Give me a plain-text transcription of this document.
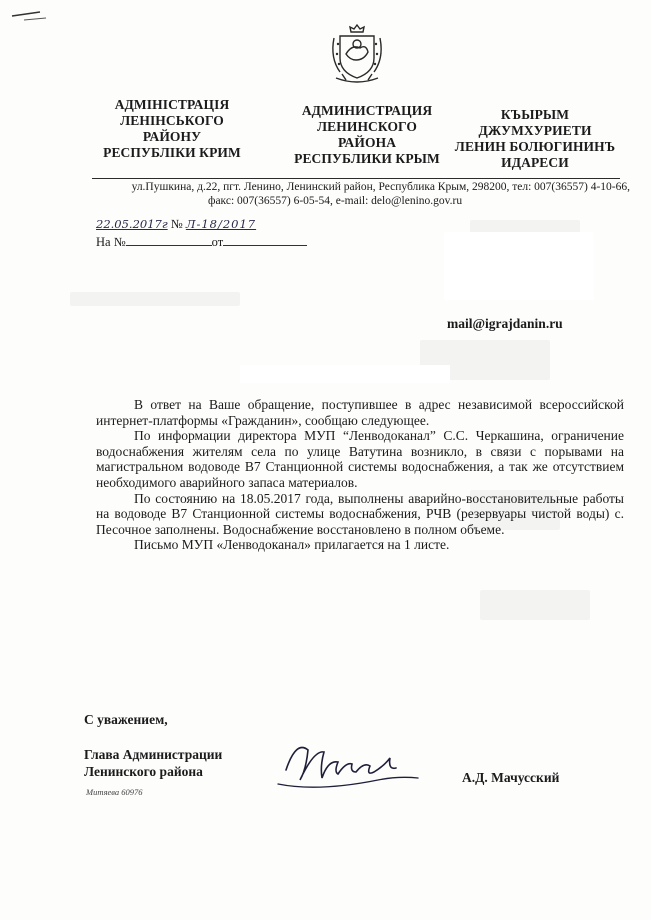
АДМІНІСТРАЦІЯ
ЛЕНІНСЬКОГО
РАЙОНУ
РЕСПУБЛІКИ КРИМ
АДМИНИСТРАЦИЯ
ЛЕНИНСКОГО
РАЙОНА
РЕСПУБЛИКИ КРЫМ
КЪЫРЫМ
ДЖУМХУРИЕТИ
ЛЕНИН БОЛЮГИНИНЪ
ИДАРЕСИ
ул.Пушкина, д.22, пгт. Ленино, Ленинский район, Республика Крым, 298200, тел: 007(36557) 4-10-66,
факс: 007(36557) 6-05-54, e-mail: delo@lenino.gov.ru
22.05.2017г № Л-18/2017
На №	от
mail@igrajdanin.ru

В ответ на Ваше обращение, поступившее в адрес независимой всероссийской интернет-платформы «Гражданин», сообщаю следующее.

По информации директора МУП “Ленводоканал” С.С. Черкашина, ограничение водоснабжения жителям села по улице Ватутина возникло, в связи с порывами на магистральном водоводе В7 Станционной системы водоснабжения, а так же отсутствием необходимого аварийного запаса материалов.

По состоянию на 18.05.2017 года, выполнены аварийно-восстановительные работы на водоводе В7 Станционной системы водоснабжения, РЧВ (резервуары чистой воды) с. Песочное заполнены. Водоснабжение восстановлено в полном объеме.

Письмо МУП «Ленводоканал» прилагается на 1 листе.

С уважением,
Глава Администрации
Ленинского района	А.Д. Мачусский
Митяева 60976
